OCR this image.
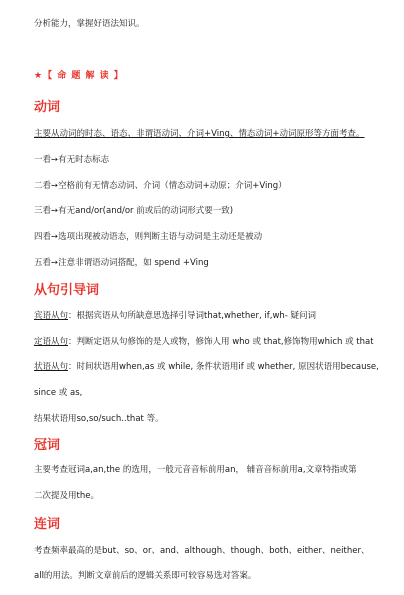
分析能力，掌握好语法知识。
★【 命 题 解 读 】
动词
主要从动词的时态、语态、非谓语动词、介词+Ving、情态动词+动词原形等方面考查。
一看➙有无时态标志
二看➙空格前有无情态动词、介词（情态动词+动原；介词+Ving）
三看➙有无and/or(and/or 前或后的动词形式要一致)
四看➙选项出现被动语态，则判断主语与动词是主动还是被动
五看➙注意非谓语动词搭配，如 spend +Ving
从句引导词
宾语从句：根据宾语从句所缺意思选择引导词that,whether, if,wh- 疑问词
定语从句：判断定语从句修饰的是人或物，修饰人用 who 或 that,修饰物用which 或 that
状语从句：时间状语用when,as 或 while, 条件状语用if 或 whether, 原因状语用because,
since 或 as,
结果状语用so,so/such..that 等。
冠词
主要考查冠词a,an,the 的选用，一般元音音标前用an， 辅音音标前用a,文章特指或第
二次提及用the。
连词
考查频率最高的是but、so、or、and、although、though、both、either、neither、
all的用法。判断文章前后的逻辑关系即可较容易选对答案。
